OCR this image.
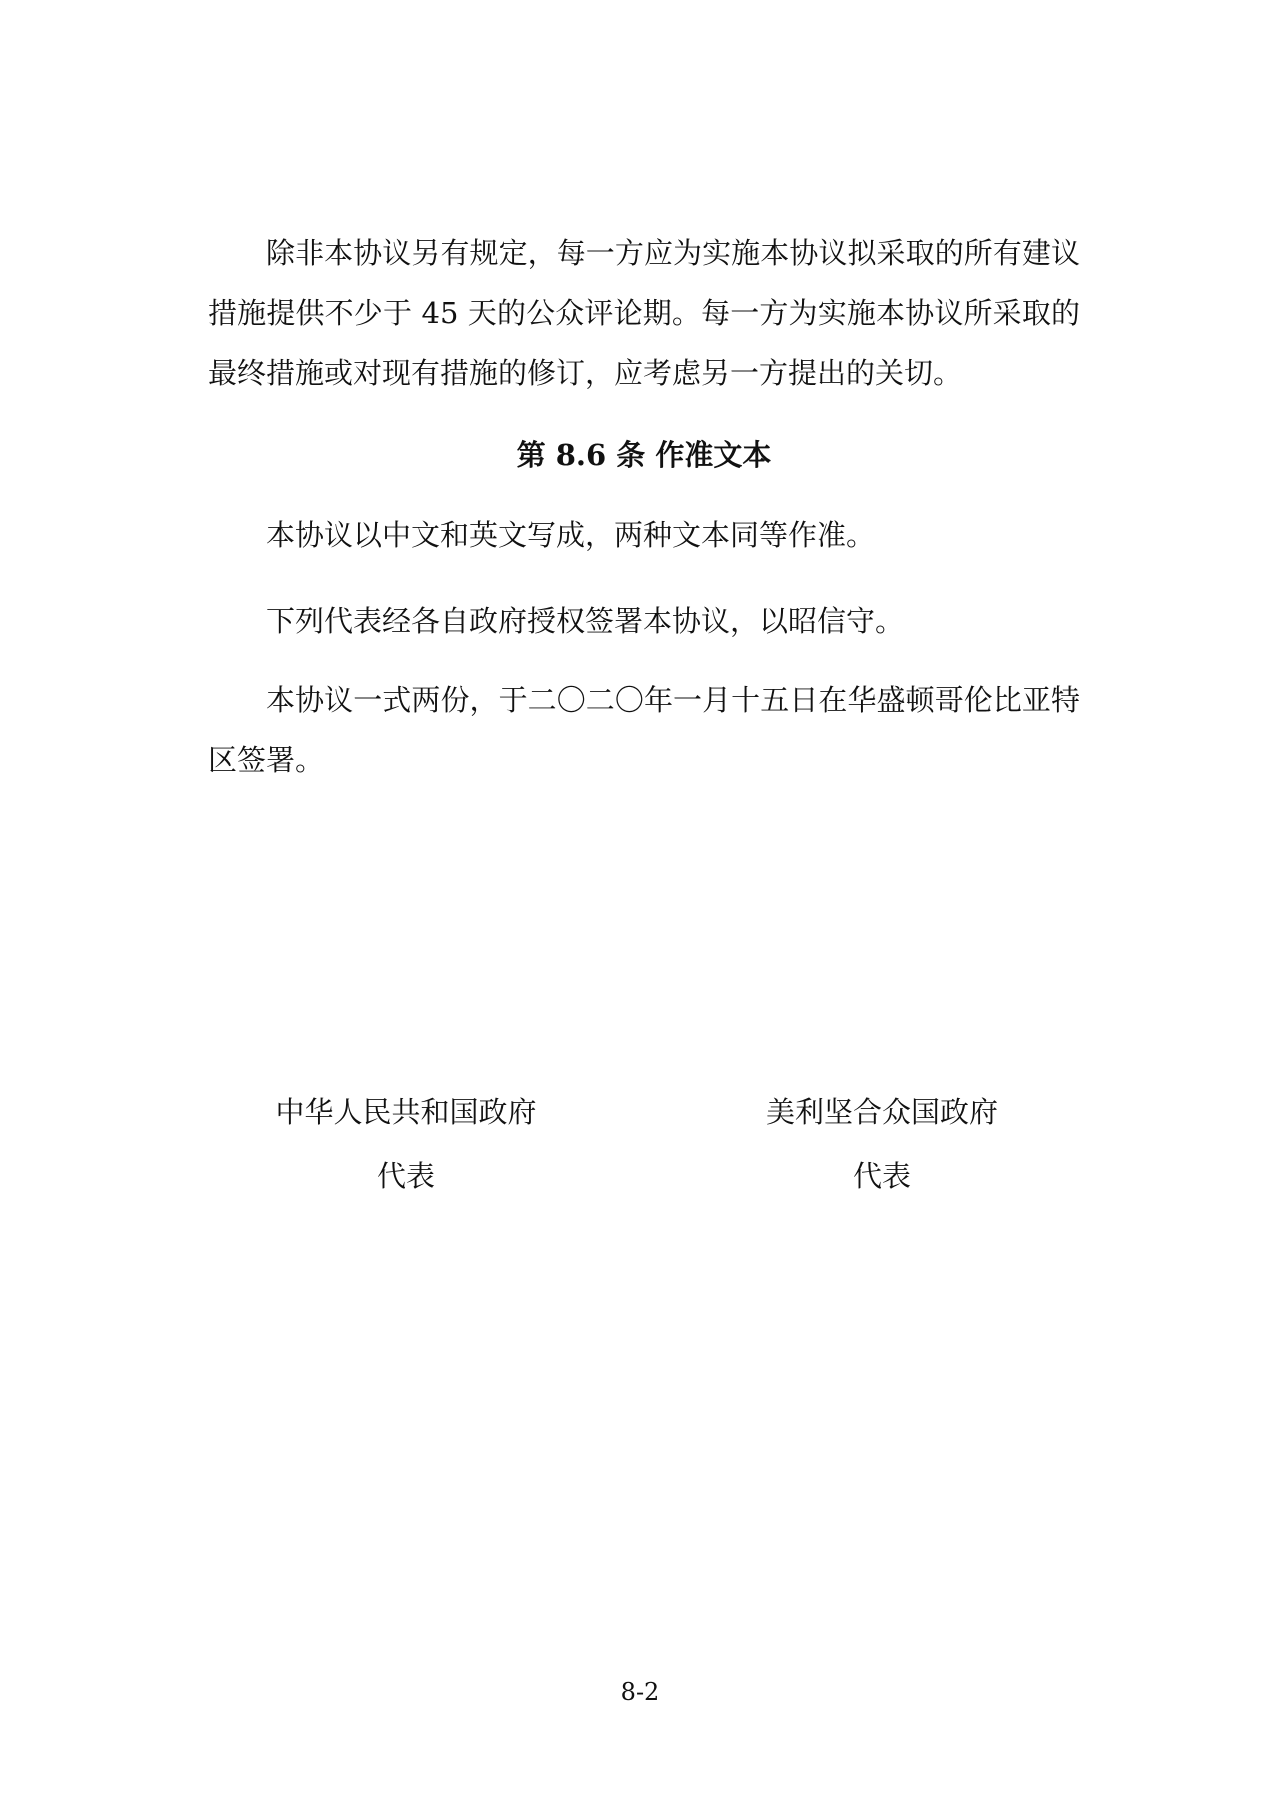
除非本协议另有规定，每一方应为实施本协议拟采取的所有建议措施提供不少于 45 天的公众评论期。每一方为实施本协议所采取的最终措施或对现有措施的修订，应考虑另一方提出的关切。

第 8.6 条 作准文本

本协议以中文和英文写成，两种文本同等作准。

下列代表经各自政府授权签署本协议，以昭信守。

本协议一式两份，于二〇二〇年一月十五日在华盛顿哥伦比亚特区签署。

中华人民共和国政府

代表

美利坚合众国政府

代表

8-2
